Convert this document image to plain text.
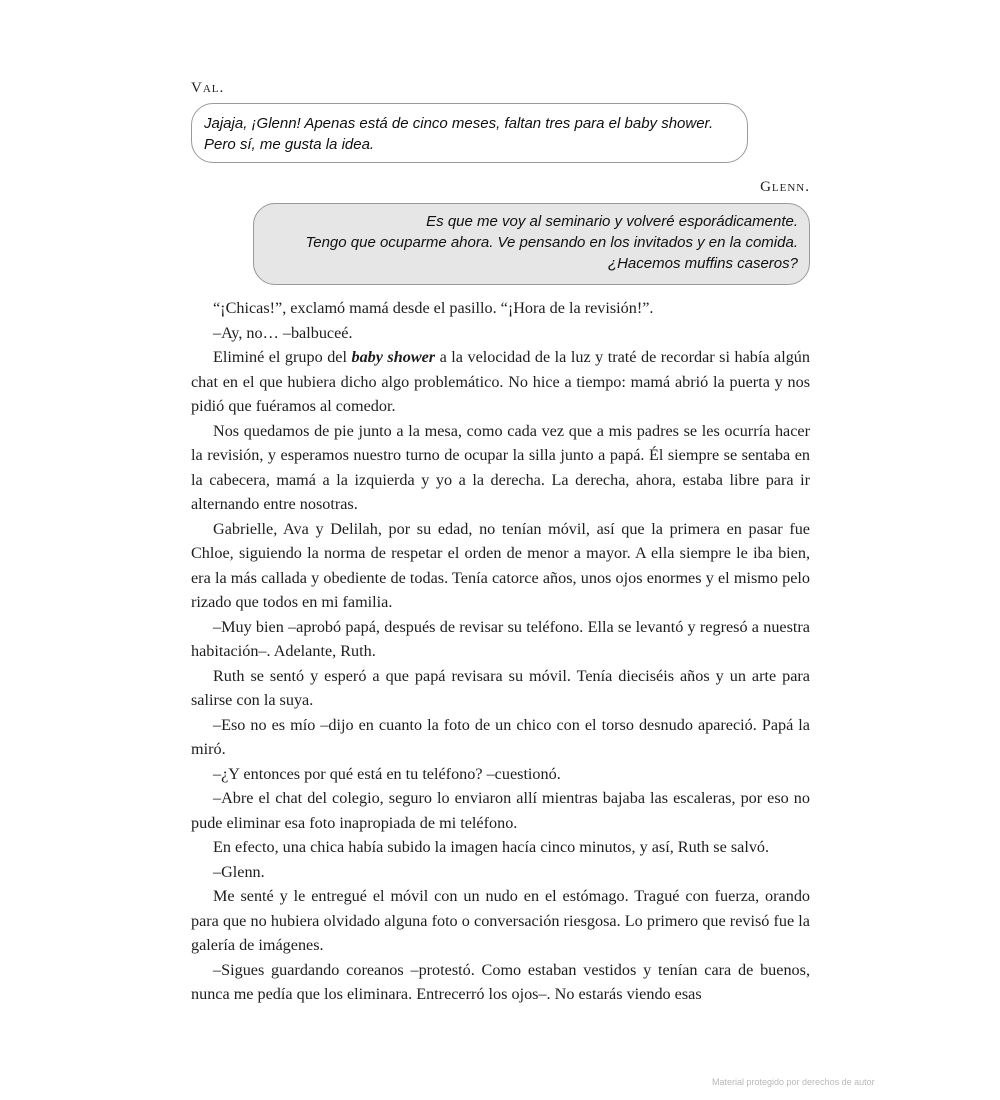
Val.
Jajaja, ¡Glenn! Apenas está de cinco meses, faltan tres para el baby shower.
Pero sí, me gusta la idea.
Glenn.
Es que me voy al seminario y volveré esporádicamente.
Tengo que ocuparme ahora. Ve pensando en los invitados y en la comida.
¿Hacemos muffins caseros?

“¡Chicas!”, exclamó mamá desde el pasillo. “¡Hora de la revisión!”.

–Ay, no… –balbuceé.

Eliminé el grupo del baby shower a la velocidad de la luz y traté de recordar si había algún chat en el que hubiera dicho algo problemático. No hice a tiempo: mamá abrió la puerta y nos pidió que fuéramos al comedor.

Nos quedamos de pie junto a la mesa, como cada vez que a mis padres se les ocurría hacer la revisión, y esperamos nuestro turno de ocupar la silla junto a papá. Él siempre se sentaba en la cabecera, mamá a la izquierda y yo a la derecha. La derecha, ahora, estaba libre para ir alternando entre nosotras.

Gabrielle, Ava y Delilah, por su edad, no tenían móvil, así que la primera en pasar fue Chloe, siguiendo la norma de respetar el orden de menor a mayor. A ella siempre le iba bien, era la más callada y obediente de todas. Tenía catorce años, unos ojos enormes y el mismo pelo rizado que todos en mi familia.

–Muy bien –aprobó papá, después de revisar su teléfono. Ella se levantó y regresó a nuestra habitación–. Adelante, Ruth.

Ruth se sentó y esperó a que papá revisara su móvil. Tenía dieciséis años y un arte para salirse con la suya.

–Eso no es mío –dijo en cuanto la foto de un chico con el torso desnudo apareció. Papá la miró.

–¿Y entonces por qué está en tu teléfono? –cuestionó.

–Abre el chat del colegio, seguro lo enviaron allí mientras bajaba las escaleras, por eso no pude eliminar esa foto inapropiada de mi teléfono.

En efecto, una chica había subido la imagen hacía cinco minutos, y así, Ruth se salvó.

–Glenn.

Me senté y le entregué el móvil con un nudo en el estómago. Tragué con fuerza, orando para que no hubiera olvidado alguna foto o conversación riesgosa. Lo primero que revisó fue la galería de imágenes.

–Sigues guardando coreanos –protestó. Como estaban vestidos y tenían cara de buenos, nunca me pedía que los eliminara. Entrecerró los ojos–. No estarás viendo esas

Material protegido por derechos de autor
